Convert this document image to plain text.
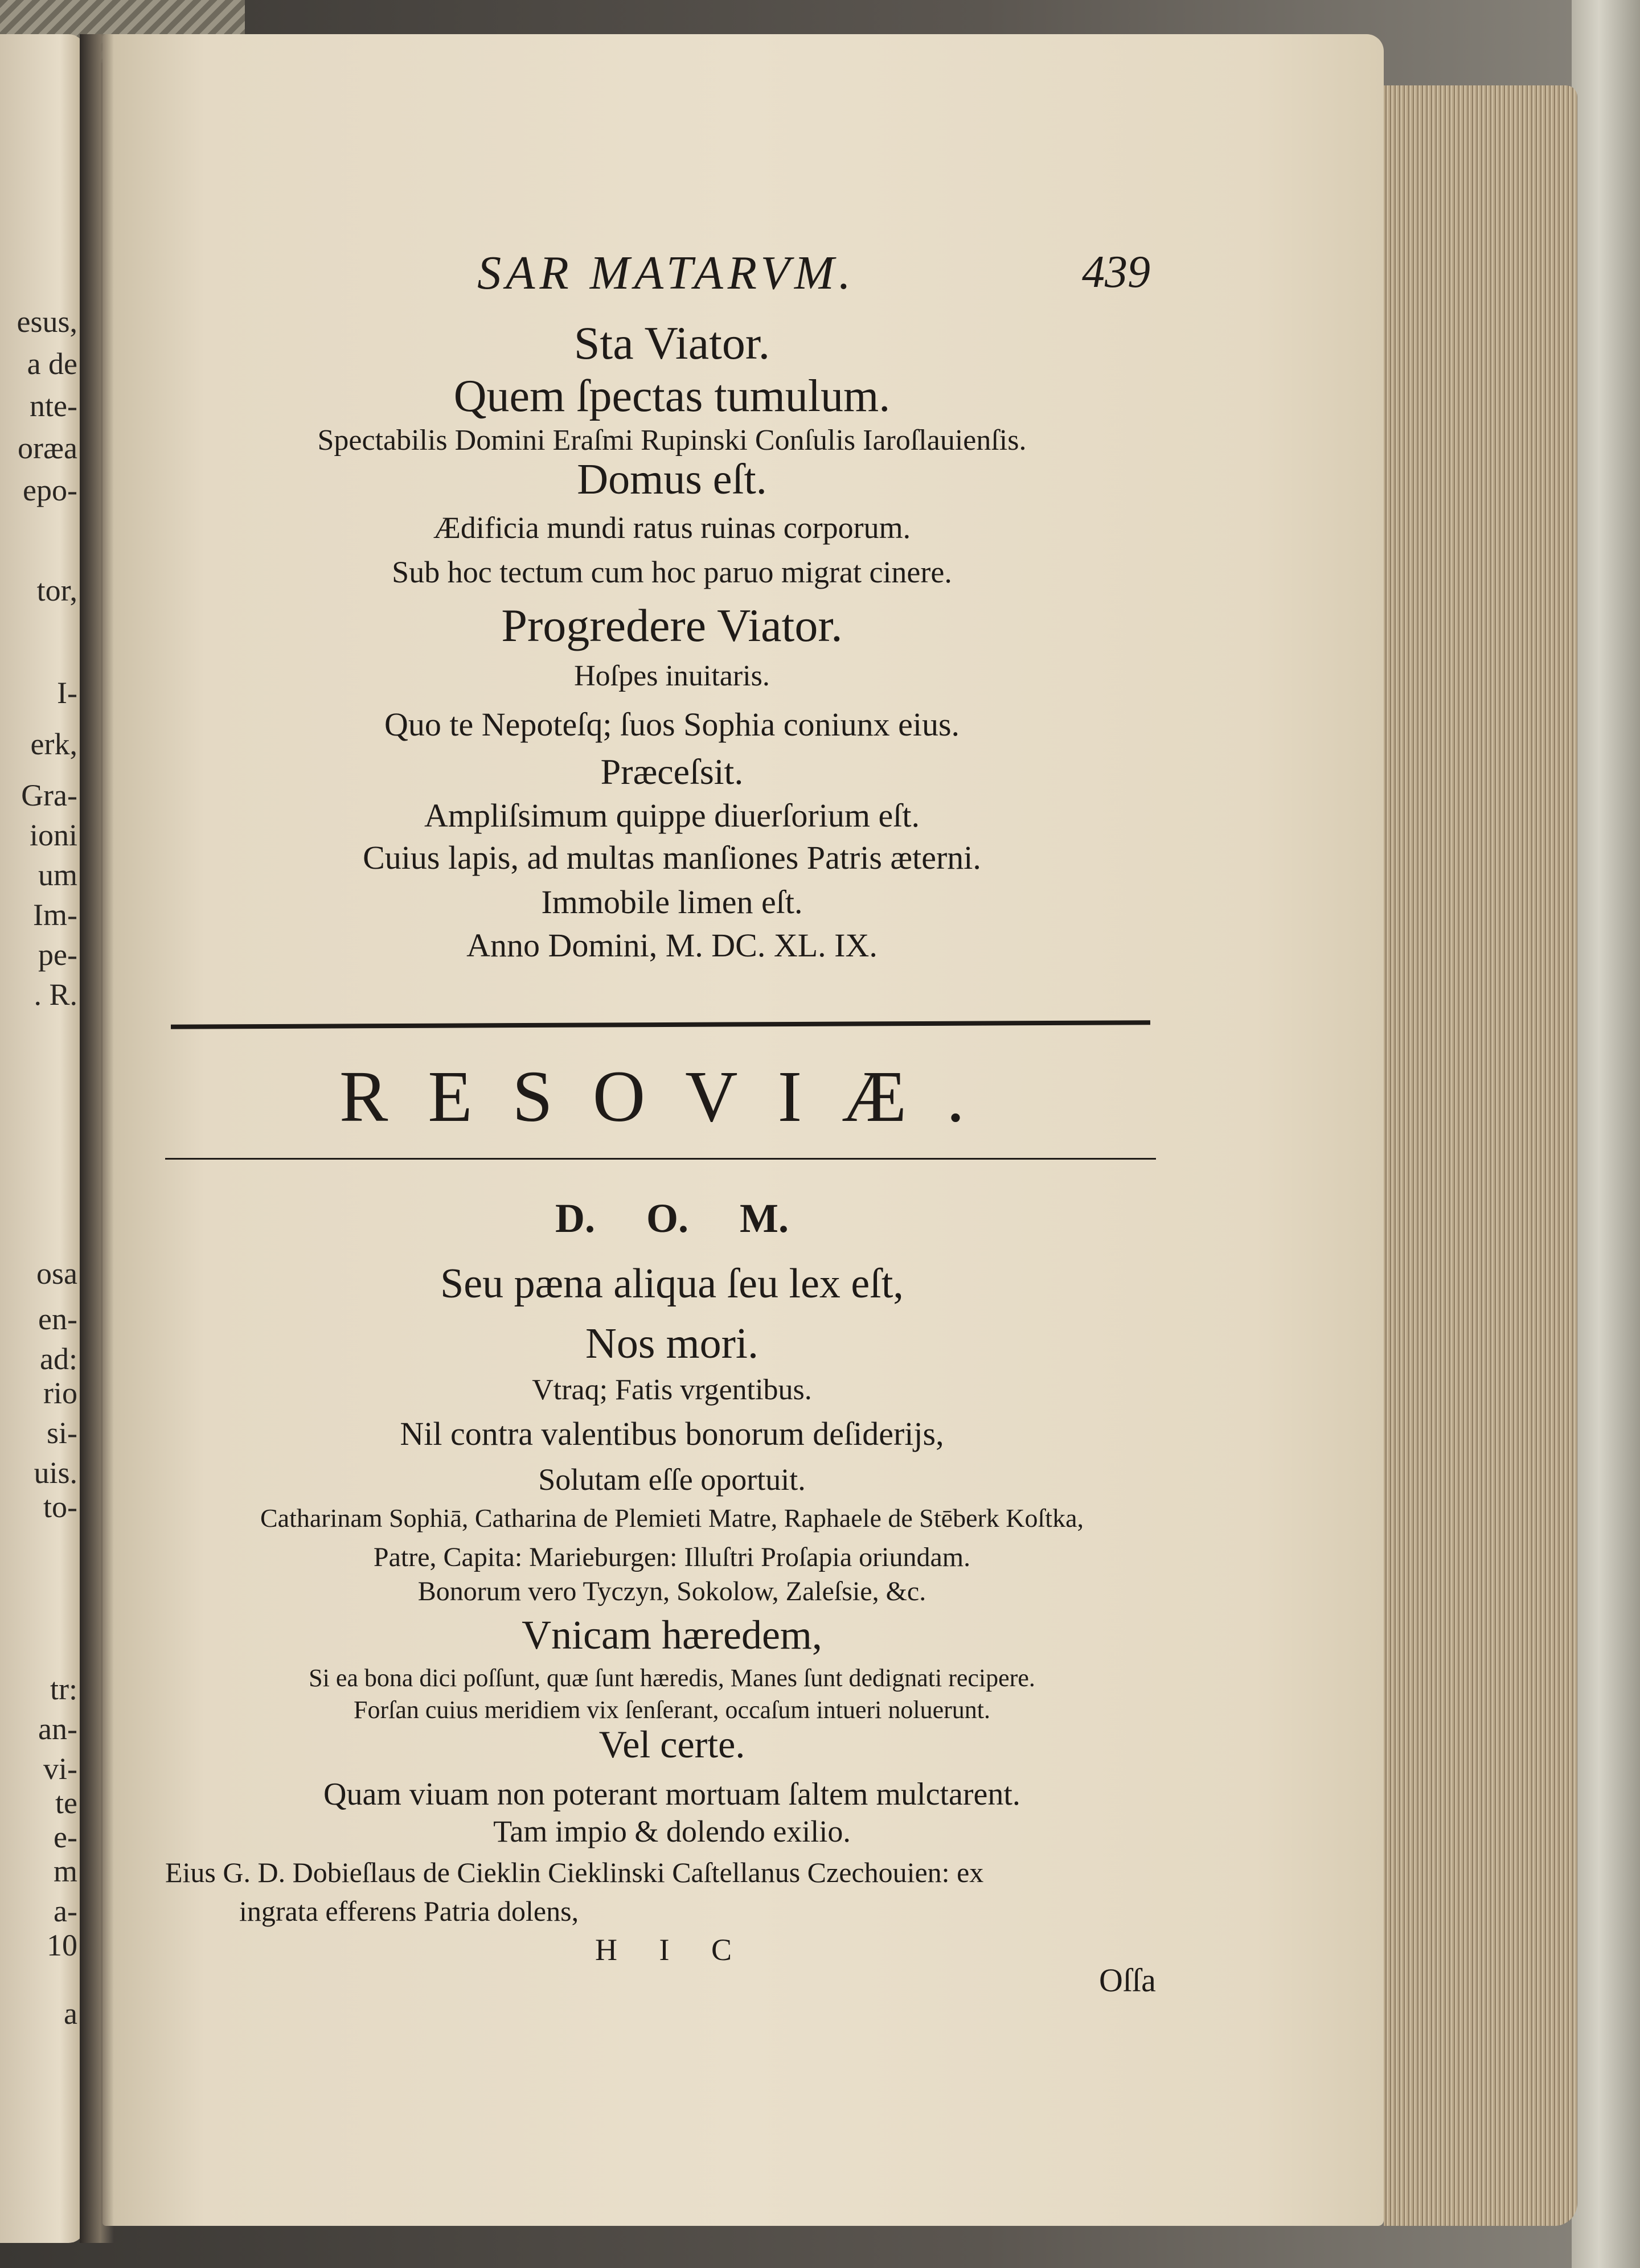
esus,
a de
nte-
oræa
epo-
tor,
I-
erk,
Gra-
ioni
um
Im-
pe-
. R.
osa
en-
ad:
rio
si-
uis.
to-
tr:
an-
vi-
te
e-
m
a-
10
a
SAR MATARVM.	439
Sta Viator.
Quem ſpectas tumulum.
Spectabilis Domini Eraſmi Rupinski Conſulis Iaroſlauienſis.
Domus eſt.
Ædificia mundi ratus ruinas corporum.
Sub hoc tectum cum hoc paruo migrat cinere.
Progredere Viator.
Hoſpes inuitaris.
Quo te Nepoteſq; ſuos Sophia coniunx eius.
Præceſsit.
Ampliſsimum quippe diuerſorium eſt.
Cuius lapis, ad multas manſiones Patris æterni.
Immobile limen eſt.
Anno Domini, M. DC. XL. IX.
RESOVIÆ.
D.     O.     M.
Seu pæna aliqua ſeu lex eſt,
Nos mori.
Vtraq; Fatis vrgentibus.
Nil contra valentibus bonorum deſiderijs,
Solutam eſſe oportuit.
Catharinam Sophiā, Catharina de Plemieti Matre, Raphaele de Stēberk Koſtka,
Patre, Capita: Marieburgen: Illuſtri Proſapia oriundam.
Bonorum vero Tyczyn, Sokolow, Zaleſsie, &c.
Vnicam hæredem,
Si ea bona dici poſſunt, quæ ſunt hæredis, Manes ſunt dedignati recipere.
Forſan cuius meridiem vix ſenſerant, occaſum intueri noluerunt.
Vel certe.
Quam viuam non poterant mortuam ſaltem mulctarent.
Tam impio & dolendo exilio.
Eius G. D. Dobieſlaus de Cieklin Cieklinski Caſtellanus Czechouien: ex
ingrata efferens Patria dolens,
H I C
Oſſa
